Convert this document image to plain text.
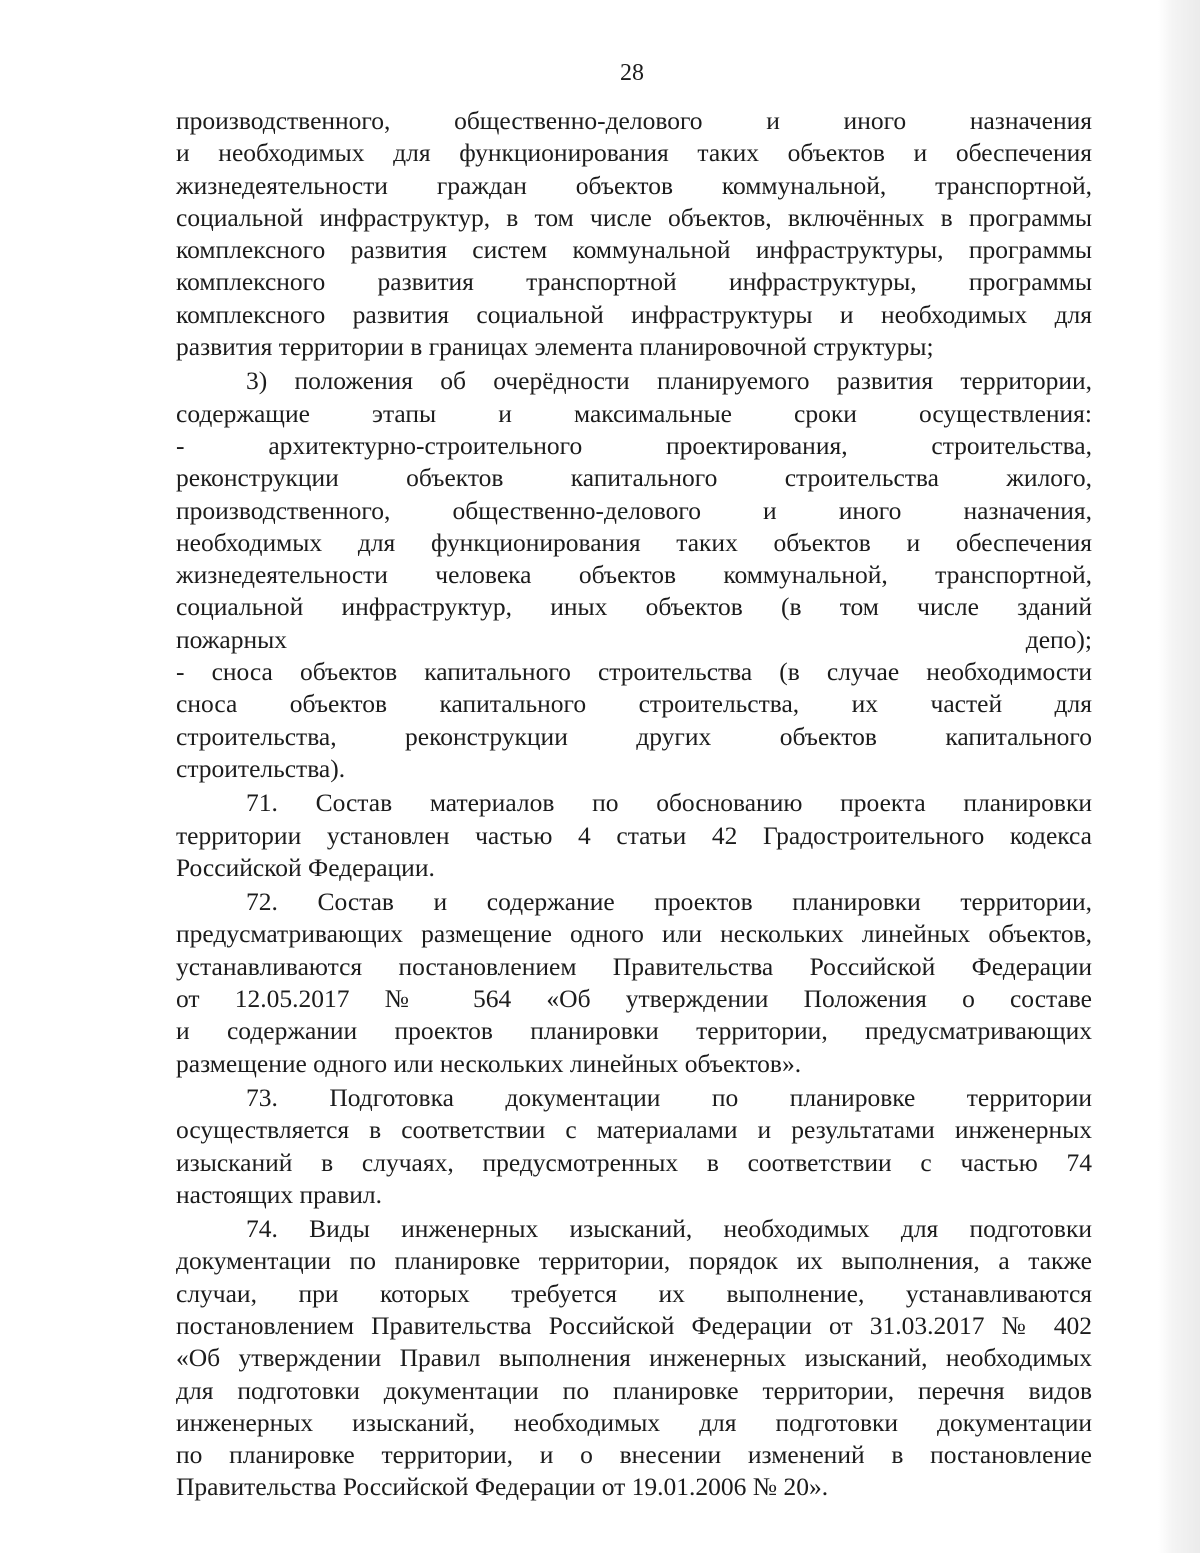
28
производственного, общественно-делового и иного назначения
и необходимых для функционирования таких объектов и обеспечения
жизнедеятельности граждан объектов коммунальной, транспортной,
социальной инфраструктур, в том числе объектов, включённых в программы
комплексного развития систем коммунальной инфраструктуры, программы
комплексного развития транспортной инфраструктуры, программы
комплексного развития социальной инфраструктуры и необходимых для
развития территории в границах элемента планировочной структуры;
3) положения об очерёдности планируемого развития территории,
содержащие этапы и максимальные сроки осуществления:
- архитектурно-строительного проектирования, строительства,
реконструкции объектов капитального строительства жилого,
производственного, общественно-делового и иного назначения,
необходимых для функционирования таких объектов и обеспечения
жизнедеятельности человека объектов коммунальной, транспортной,
социальной инфраструктур, иных объектов (в том числе зданий
пожарных депо);
- сноса объектов капитального строительства (в случае необходимости
сноса объектов капитального строительства, их частей для
строительства, реконструкции других объектов капитального
строительства).
71. Состав материалов по обоснованию проекта планировки
территории установлен частью 4 статьи 42 Градостроительного кодекса
Российской Федерации.
72. Состав и содержание проектов планировки территории,
предусматривающих размещение одного или нескольких линейных объектов,
устанавливаются постановлением Правительства Российской Федерации
от 12.05.2017 № 564 «Об утверждении Положения о составе
и содержании проектов планировки территории, предусматривающих
размещение одного или нескольких линейных объектов».
73. Подготовка документации по планировке территории
осуществляется в соответствии с материалами и результатами инженерных
изысканий в случаях, предусмотренных в соответствии с частью 74
настоящих правил.
74. Виды инженерных изысканий, необходимых для подготовки
документации по планировке территории, порядок их выполнения, а также
случаи, при которых требуется их выполнение, устанавливаются
постановлением Правительства Российской Федерации от 31.03.2017 № 402
«Об утверждении Правил выполнения инженерных изысканий, необходимых
для подготовки документации по планировке территории, перечня видов
инженерных изысканий, необходимых для подготовки документации
по планировке территории, и о внесении изменений в постановление
Правительства Российской Федерации от 19.01.2006 № 20».
